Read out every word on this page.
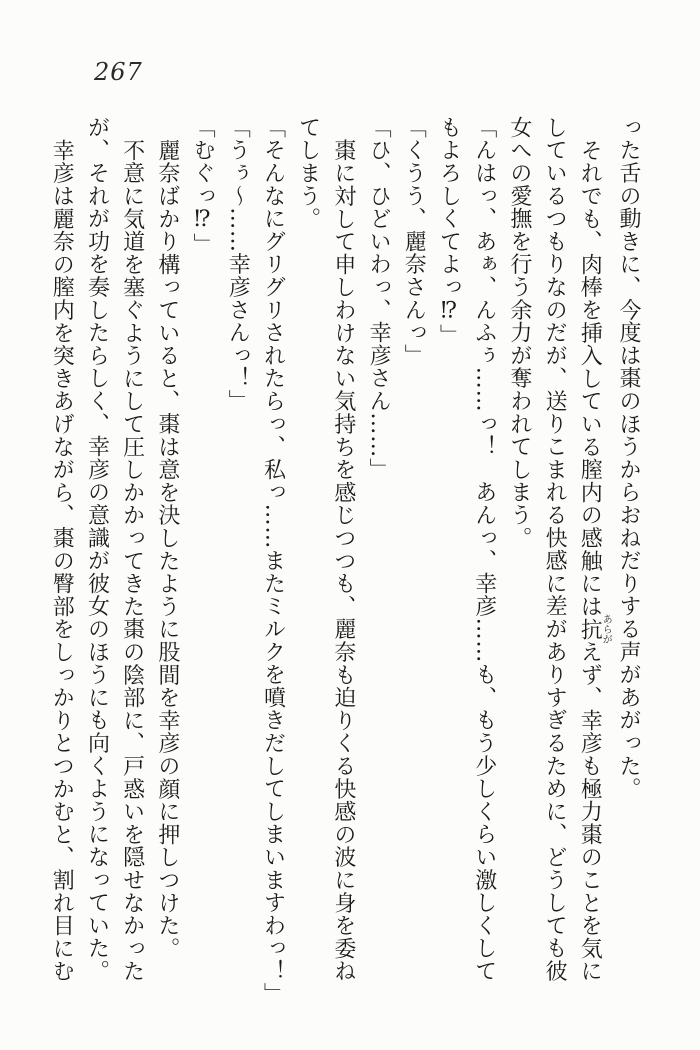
267

った舌の動きに、今度は棗のほうからおねだりする声があがった。

それでも、肉棒を挿入している膣内の感触には抗あらがえず、幸彦も極力棗のことを気に

しているつもりなのだが、送りこまれる快感に差がありすぎるために、どうしても彼

女への愛撫を行う余力が奪われてしまう。

「んはっ、あぁ、んふぅ……っ！　あんっ、幸彦……も、もう少しくらい激しくして

もよろしくてよっ⁉」

「くうう、麗奈さんっ」

「ひ、ひどいわっ、幸彦さん……」

棗に対して申しわけない気持ちを感じつつも、麗奈も迫りくる快感の波に身を委ね

てしまう。

「そんなにグリグリされたらっ、私っ……またミルクを噴きだしてしまいますわっ！」

「うぅ〜……幸彦さんっ！」

「むぐっ⁉」

麗奈ばかり構っていると、棗は意を決したように股間を幸彦の顔に押しつけた。

不意に気道を塞ぐようにして圧しかかってきた棗の陰部に、戸惑いを隠せなかった

が、それが功を奏したらしく、幸彦の意識が彼女のほうにも向くようになっていた。

幸彦は麗奈の膣内を突きあげながら、棗の臀部をしっかりとつかむと、割れ目にむ
